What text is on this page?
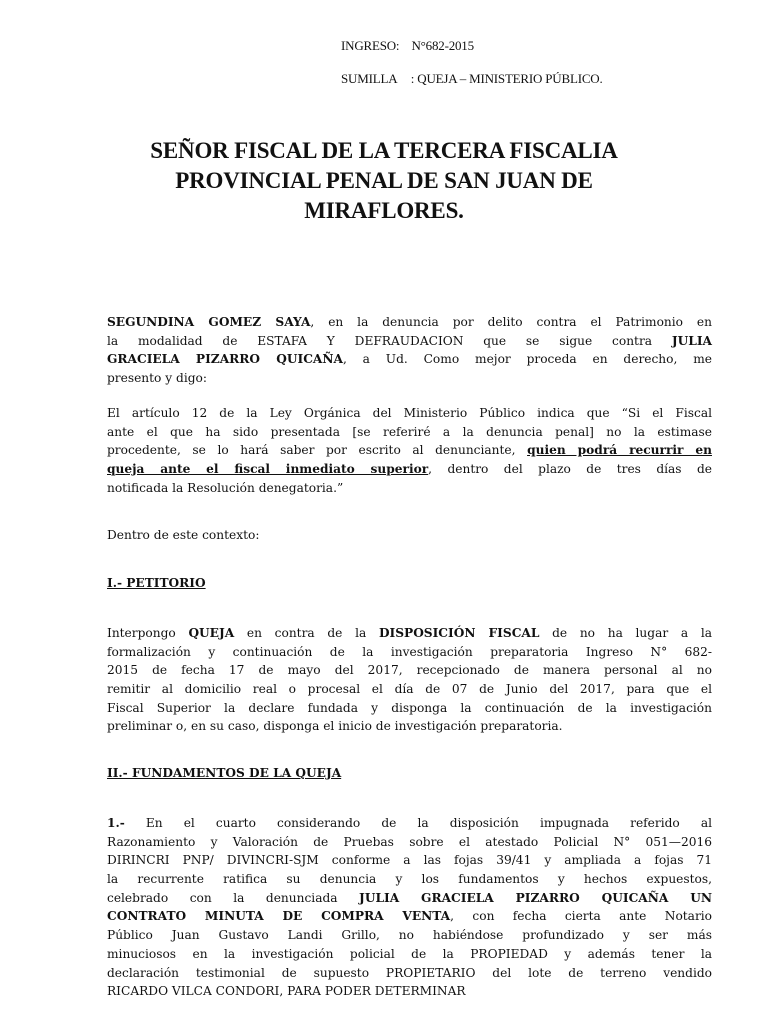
INGRESO: N°682-2015
SUMILLA : QUEJA – MINISTERIO PÚBLICO.
SEÑOR FISCAL DE LA TERCERA FISCALIA
PROVINCIAL PENAL DE SAN JUAN DE
MIRAFLORES.
SEGUNDINA GOMEZ SAYA, en la denuncia por delito contra el Patrimonio en
la modalidad de ESTAFA Y DEFRAUDACION que se sigue contra JULIA
GRACIELA PIZARRO QUICAÑA, a Ud. Como mejor proceda en derecho, me
presento y digo:
El artículo 12 de la Ley Orgánica del Ministerio Público indica que “Si el Fiscal
ante el que ha sido presentada [se referiré a la denuncia penal] no la estimase
procedente, se lo hará saber por escrito al denunciante, quien podrá recurrir en
queja ante el fiscal inmediato superior, dentro del plazo de tres días de
notificada la Resolución denegatoria.”
Dentro de este contexto:
I.- PETITORIO
Interpongo QUEJA en contra de la DISPOSICIÓN FISCAL de no ha lugar a la
formalización y continuación de la investigación preparatoria Ingreso N° 682-
2015 de fecha 17 de mayo del 2017, recepcionado de manera personal al no
remitir al domicilio real o procesal el día de 07 de Junio del 2017, para que el
Fiscal Superior la declare fundada y disponga la continuación de la investigación
preliminar o, en su caso, disponga el inicio de investigación preparatoria.
II.- FUNDAMENTOS DE LA QUEJA
1.- En el cuarto considerando de la disposición impugnada referido al
Razonamiento y Valoración de Pruebas sobre el atestado Policial N° 051—2016
DIRINCRI PNP/ DIVINCRI-SJM conforme a las fojas 39/41 y ampliada a fojas 71
la recurrente ratifica su denuncia y los fundamentos y hechos expuestos,
celebrado con la denunciada JULIA GRACIELA PIZARRO QUICAÑA UN
CONTRATO MINUTA DE COMPRA VENTA, con fecha cierta ante Notario
Público Juan Gustavo Landi Grillo, no habiéndose profundizado y ser más
minuciosos en la investigación policial de la PROPIEDAD y además tener la
declaración testimonial de supuesto PROPIETARIO del lote de terreno vendido
RICARDO VILCA CONDORI, PARA PODER DETERMINAR
